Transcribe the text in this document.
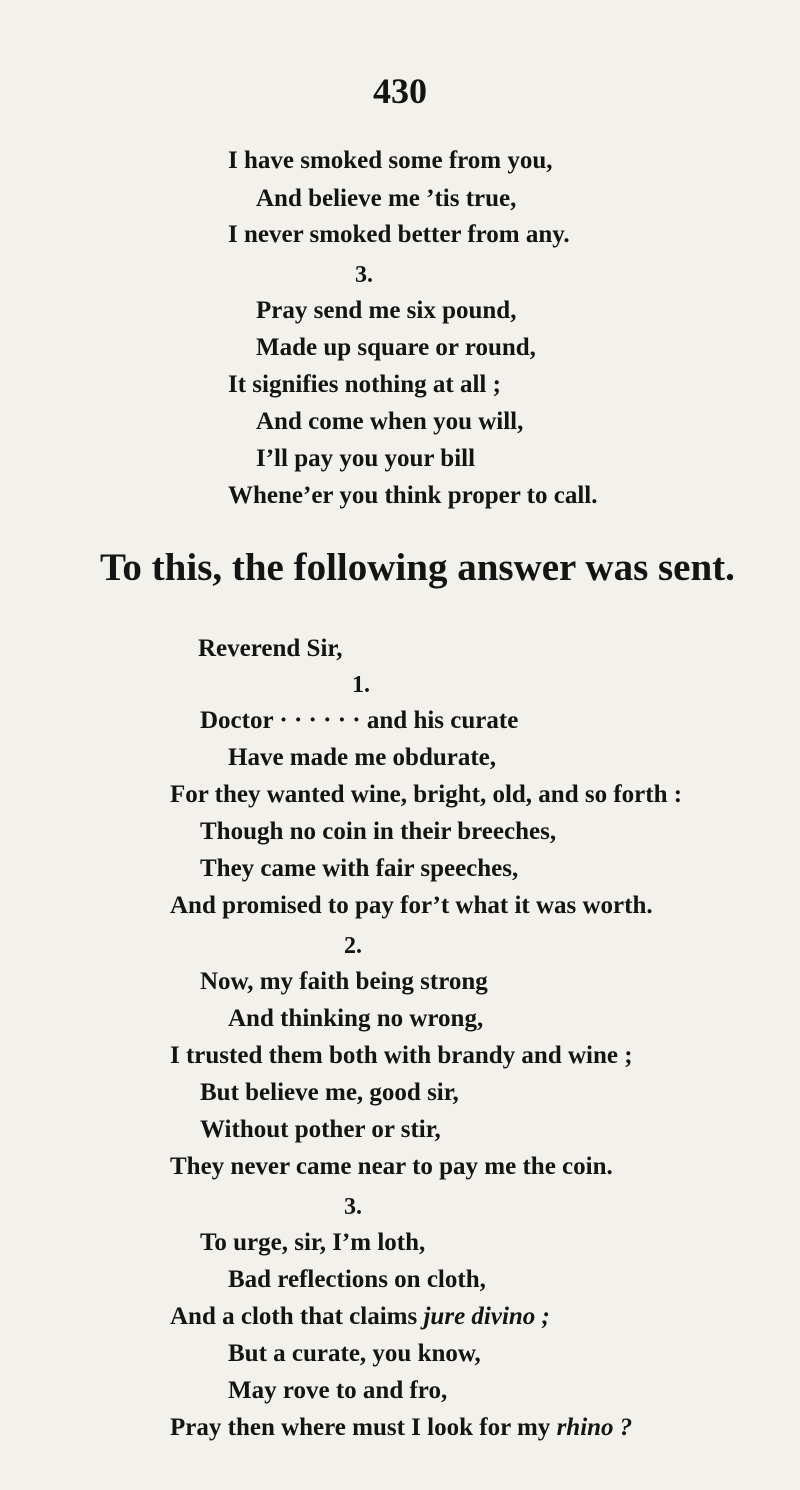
430
I have smoked some from you,
And believe me ’tis true,
I never smoked better from any.
3.
Pray send me six pound,
Made up square or round,
It signifies nothing at all ;
And come when you will,
I’ll pay you your bill
Whene’er you think proper to call.
To this, the following answer was sent.
Reverend Sir,
1.
Doctor · · · · · · and his curate
Have made me obdurate,
For they wanted wine, bright, old, and so forth :
Though no coin in their breeches,
They came with fair speeches,
And promised to pay for’t what it was worth.
2.
Now, my faith being strong
And thinking no wrong,
I trusted them both with brandy and wine ;
But believe me, good sir,
Without pother or stir,
They never came near to pay me the coin.
3.
To urge, sir, I’m loth,
Bad reflections on cloth,
And a cloth that claims jure divino ;
But a curate, you know,
May rove to and fro,
Pray then where must I look for my rhino ?
